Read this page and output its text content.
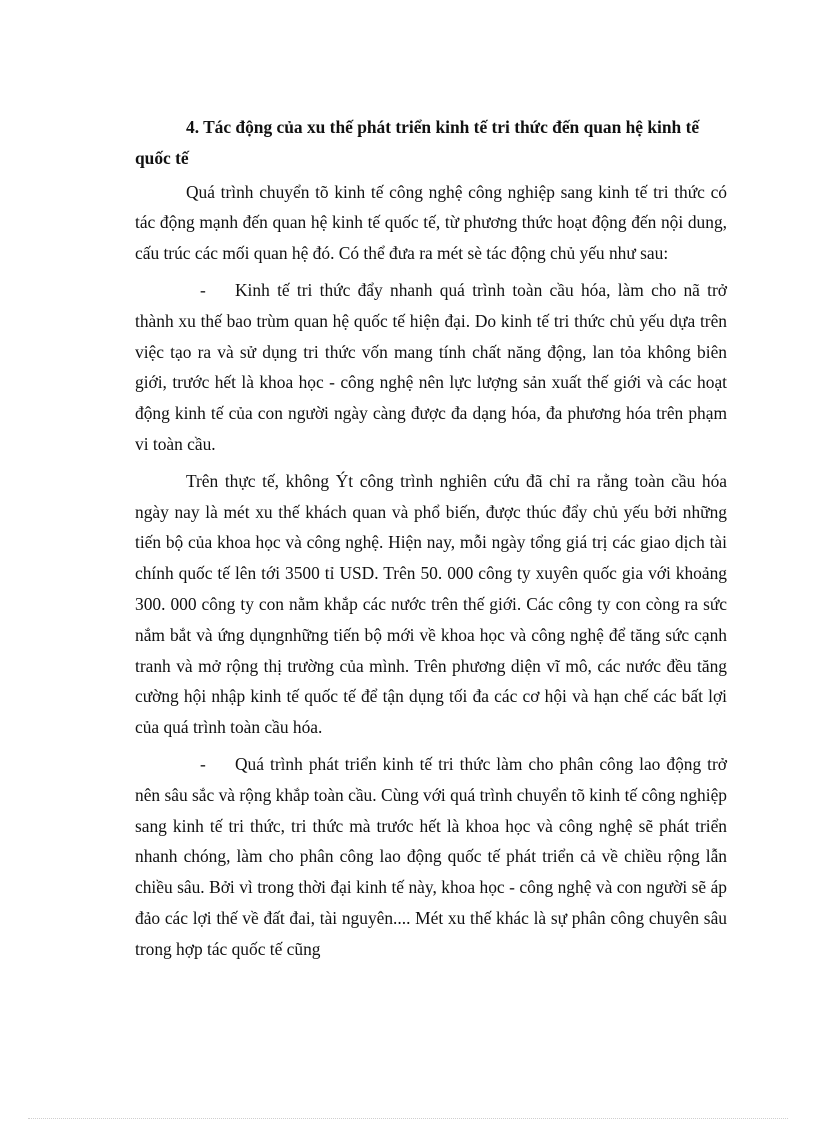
4. Tác động của xu thế phát triển kinh tế tri thức đến quan hệ kinh tế quốc tế

Quá trình chuyển tõ kinh tế công nghệ công nghiệp sang kinh tế tri thức có tác động mạnh đến quan hệ kinh tế quốc tế, từ phương thức hoạt động đến nội dung, cấu trúc các mối quan hệ đó. Có thể đưa ra mét sè tác động chủ yếu như sau:

- Kinh tế tri thức đẩy nhanh quá trình toàn cầu hóa, làm cho nã trở thành xu thế bao trùm quan hệ quốc tế hiện đại. Do kinh tế tri thức chủ yếu dựa trên việc tạo ra và sử dụng tri thức vốn mang tính chất năng động, lan tỏa không biên giới, trước hết là khoa học - công nghệ nên lực lượng sản xuất thế giới và các hoạt động kinh tế của con người ngày càng được đa dạng hóa, đa phương hóa trên phạm vi toàn cầu.

Trên thực tế, không Ýt công trình nghiên cứu đã chỉ ra rằng toàn cầu hóa ngày nay là mét xu thế khách quan và phổ biến, được thúc đẩy chủ yếu bởi những tiến bộ của khoa học và công nghệ. Hiện nay, mỗi ngày tổng giá trị các giao dịch tài chính quốc tế lên tới 3500 tỉ USD. Trên 50. 000 công ty xuyên quốc gia với khoảng 300. 000 công ty con nằm khắp các nước trên thế giới. Các công ty con còng ra sức nắm bắt và ứng dụngnhững tiến bộ mới về khoa học và công nghệ để tăng sức cạnh tranh và mở rộng thị trường của mình. Trên phương diện vĩ mô, các nước đều tăng cường hội nhập kinh tế quốc tế để tận dụng tối đa các cơ hội và hạn chế các bất lợi của quá trình toàn cầu hóa.

- Quá trình phát triển kinh tế tri thức làm cho phân công lao động trở nên sâu sắc và rộng khắp toàn cầu. Cùng với quá trình chuyển tõ kinh tế công nghiệp sang kinh tế tri thức, tri thức mà trước hết là khoa học và công nghệ sẽ phát triển nhanh chóng, làm cho phân công lao động quốc tế phát triển cả về chiều rộng lẫn chiều sâu. Bởi vì trong thời đại kinh tế này, khoa học - công nghệ và con người sẽ áp đảo các lợi thế về đất đai, tài nguyên.... Mét xu thế khác là sự phân công chuyên sâu trong hợp tác quốc tế cũng
